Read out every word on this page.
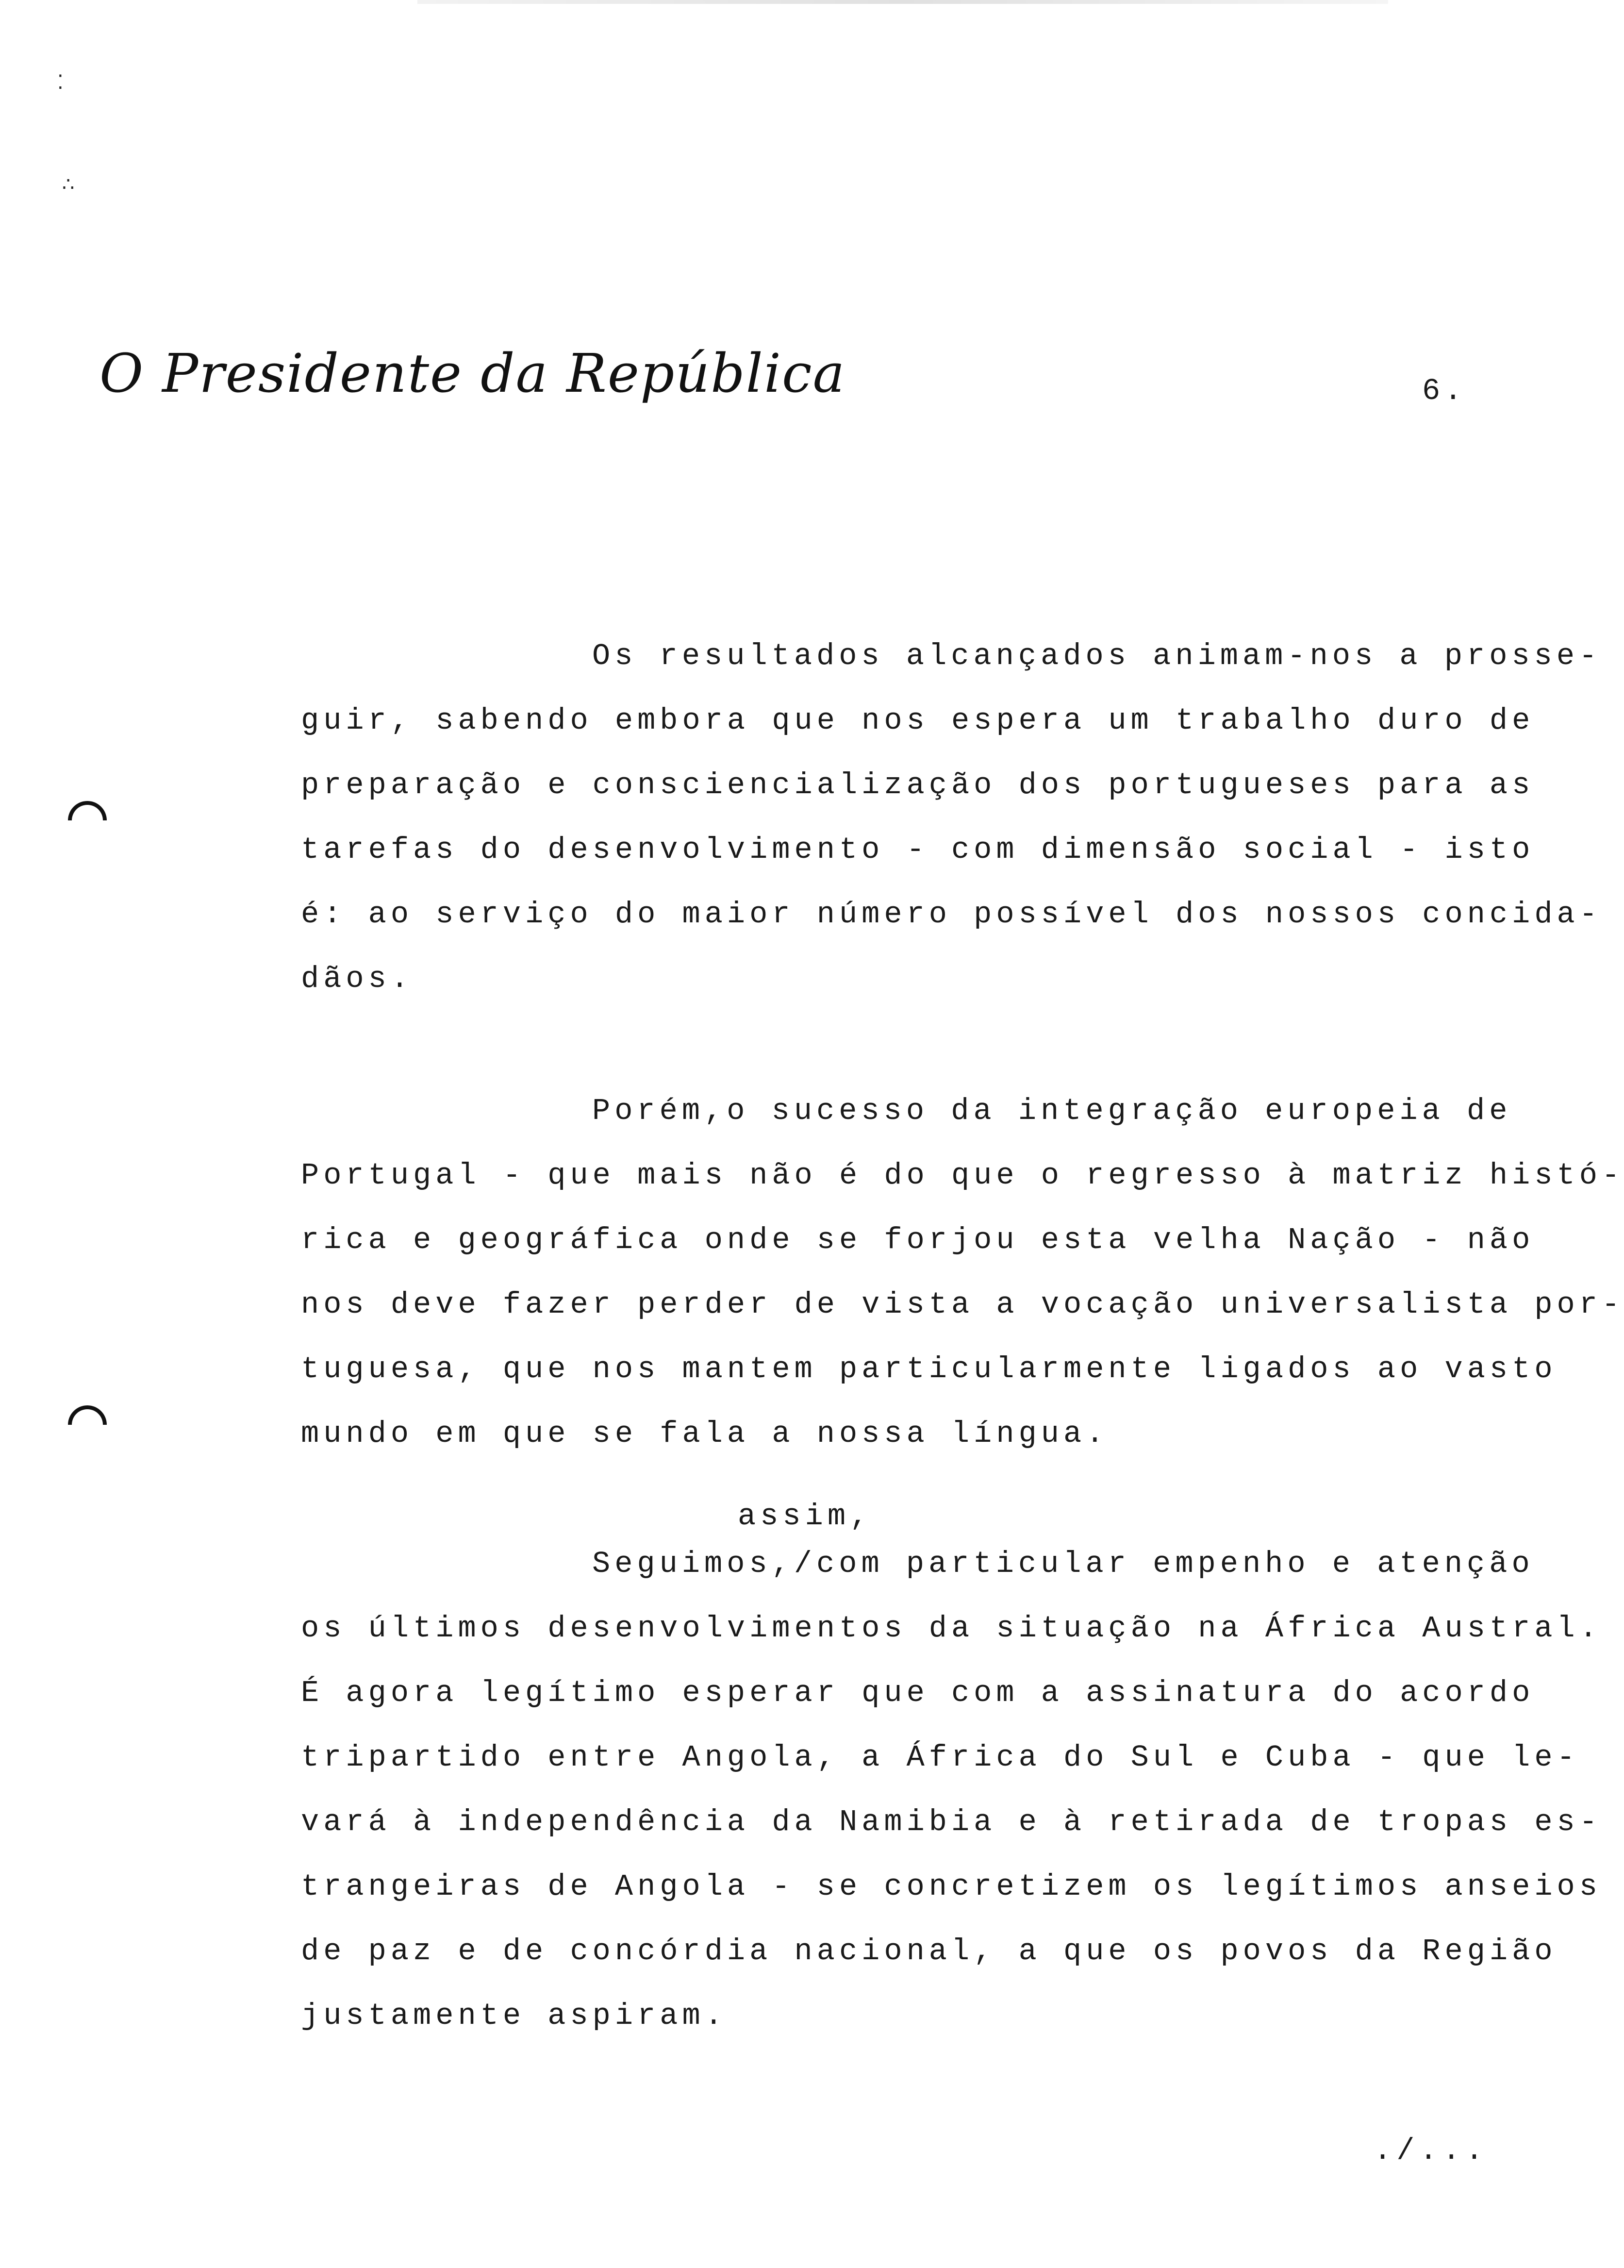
⁚
∴
O Presidente da República	6.
Os resultados alcançados animam-nos a prosse-
guir, sabendo embora que nos espera um trabalho duro de
preparação e consciencialização dos portugueses para as
tarefas do desenvolvimento - com dimensão social - isto
é: ao serviço do maior número possível dos nossos concida-
dãos.
Porém,o sucesso da integração europeia de
Portugal - que mais não é do que o regresso à matriz histó-
rica e geográfica onde se forjou esta velha Nação - não
nos deve fazer perder de vista a vocação universalista por-
tuguesa, que nos mantem particularmente ligados ao vasto
mundo em que se fala a nossa língua.
assim,
Seguimos,/com particular empenho e atenção
os últimos desenvolvimentos da situação na África Austral.
É agora legítimo esperar que com a assinatura do acordo
tripartido entre Angola, a África do Sul e Cuba - que le-
vará à independência da Namibia e à retirada de tropas es-
trangeiras de Angola - se concretizem os legítimos anseios
de paz e de concórdia nacional, a que os povos da Região
justamente aspiram.
./...
